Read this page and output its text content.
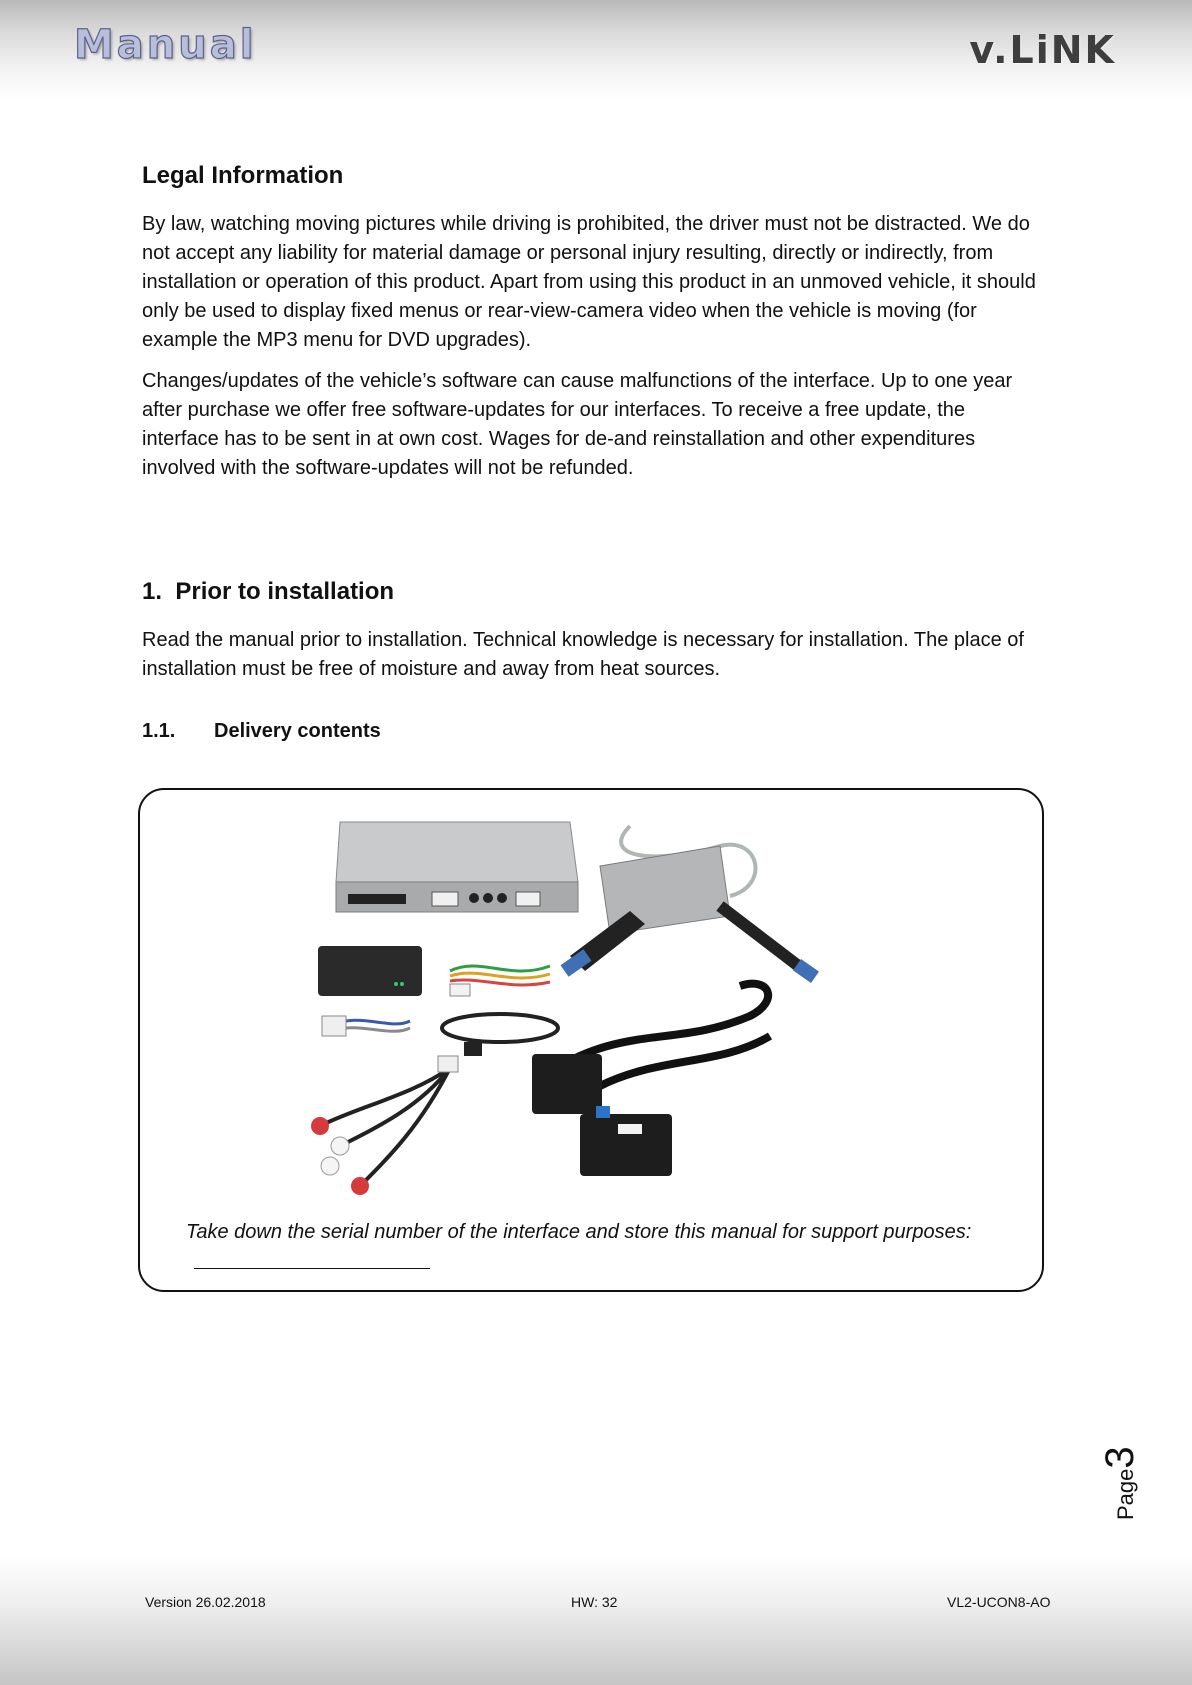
Manual	v.LiNK
Legal Information

By law, watching moving pictures while driving is prohibited, the driver must not be distracted. We do not accept any liability for material damage or personal injury resulting, directly or indirectly, from installation or operation of this product. Apart from using this product in an unmoved vehicle, it should only be used to display fixed menus or rear-view-camera video when the vehicle is moving (for example the MP3 menu for DVD upgrades).

Changes/updates of the vehicle’s software can cause malfunctions of the interface. Up to one year after purchase we offer free software-updates for our interfaces. To receive a free update, the interface has to be sent in at own cost. Wages for de-and reinstallation and other expenditures involved with the software-updates will not be refunded.

1. Prior to installation

Read the manual prior to installation. Technical knowledge is necessary for installation. The place of installation must be free of moisture and away from heat sources.

1.1. Delivery contents
Take down the serial number of the interface and store this manual for support purposes:
Page3
Version 26.02.2018	HW: 32	VL2-UCON8-AO
